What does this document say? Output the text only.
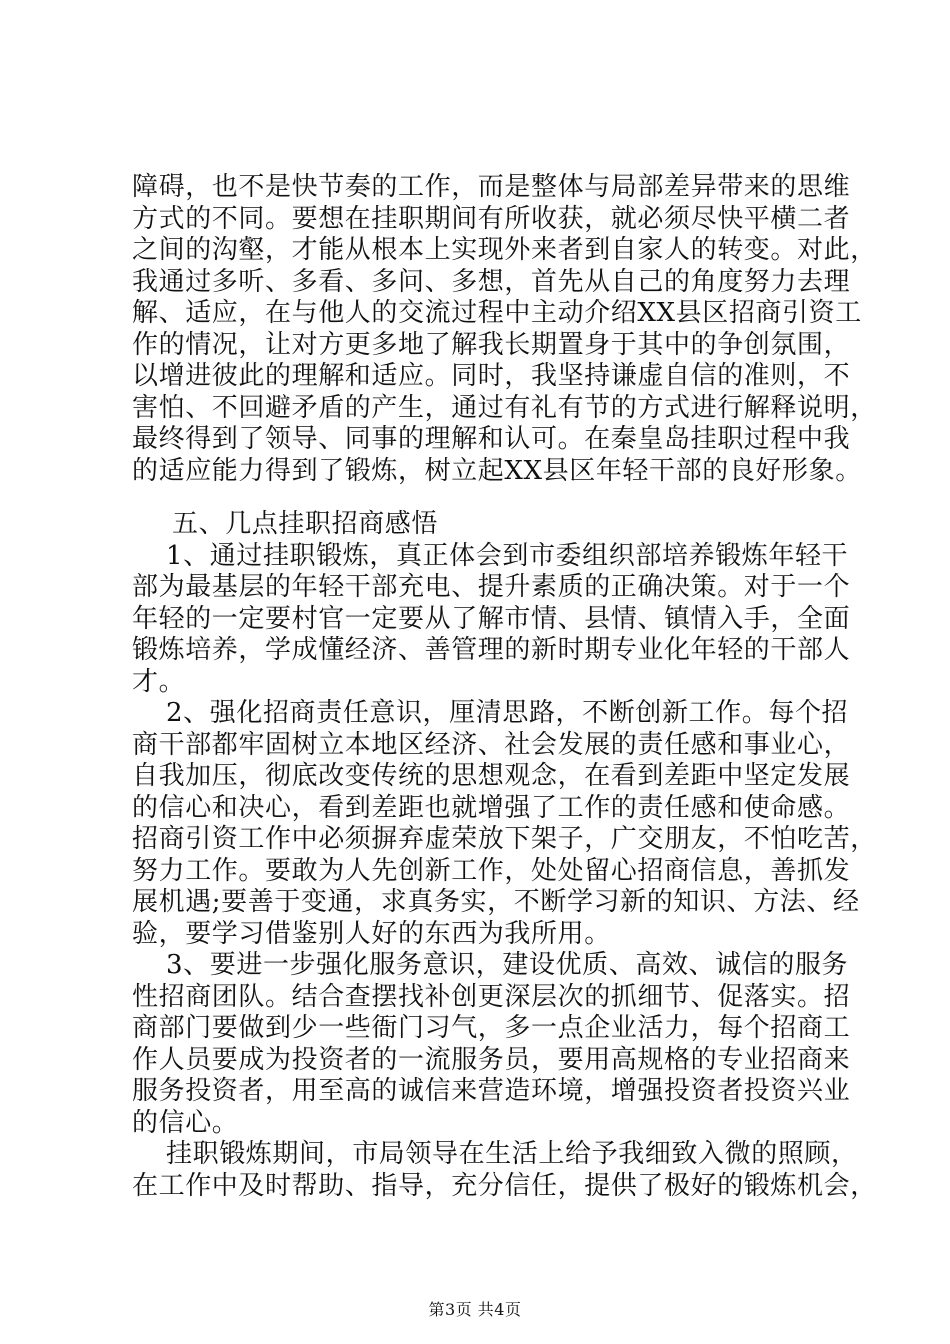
障碍，也不是快节奏的工作，而是整体与局部差异带来的思维
方式的不同。要想在挂职期间有所收获，就必须尽快平横二者
之间的沟壑，才能从根本上实现外来者到自家人的转变。对此，
我通过多听、多看、多问、多想，首先从自己的角度努力去理
解、适应，在与他人的交流过程中主动介绍XX县区招商引资工
作的情况，让对方更多地了解我长期置身于其中的争创氛围，
以增进彼此的理解和适应。同时，我坚持谦虚自信的准则，不
害怕、不回避矛盾的产生，通过有礼有节的方式进行解释说明，
最终得到了领导、同事的理解和认可。在秦皇岛挂职过程中我
的适应能力得到了锻炼，树立起XX县区年轻干部的良好形象。
五、几点挂职招商感悟
1、通过挂职锻炼，真正体会到市委组织部培养锻炼年轻干
部为最基层的年轻干部充电、提升素质的正确决策。对于一个
年轻的一定要村官一定要从了解市情、县情、镇情入手，全面
锻炼培养，学成懂经济、善管理的新时期专业化年轻的干部人
才。
2、强化招商责任意识，厘清思路，不断创新工作。每个招
商干部都牢固树立本地区经济、社会发展的责任感和事业心，
自我加压，彻底改变传统的思想观念，在看到差距中坚定发展
的信心和决心，看到差距也就增强了工作的责任感和使命感。
招商引资工作中必须摒弃虚荣放下架子，广交朋友，不怕吃苦，
努力工作。要敢为人先创新工作，处处留心招商信息，善抓发
展机遇;要善于变通，求真务实，不断学习新的知识、方法、经
验，要学习借鉴别人好的东西为我所用。
3、要进一步强化服务意识，建设优质、高效、诚信的服务
性招商团队。结合查摆找补创更深层次的抓细节、促落实。招
商部门要做到少一些衙门习气，多一点企业活力，每个招商工
作人员要成为投资者的一流服务员，要用高规格的专业招商来
服务投资者，用至高的诚信来营造环境，增强投资者投资兴业
的信心。
挂职锻炼期间，市局领导在生活上给予我细致入微的照顾，
在工作中及时帮助、指导，充分信任，提供了极好的锻炼机会，
第3页 共4页
